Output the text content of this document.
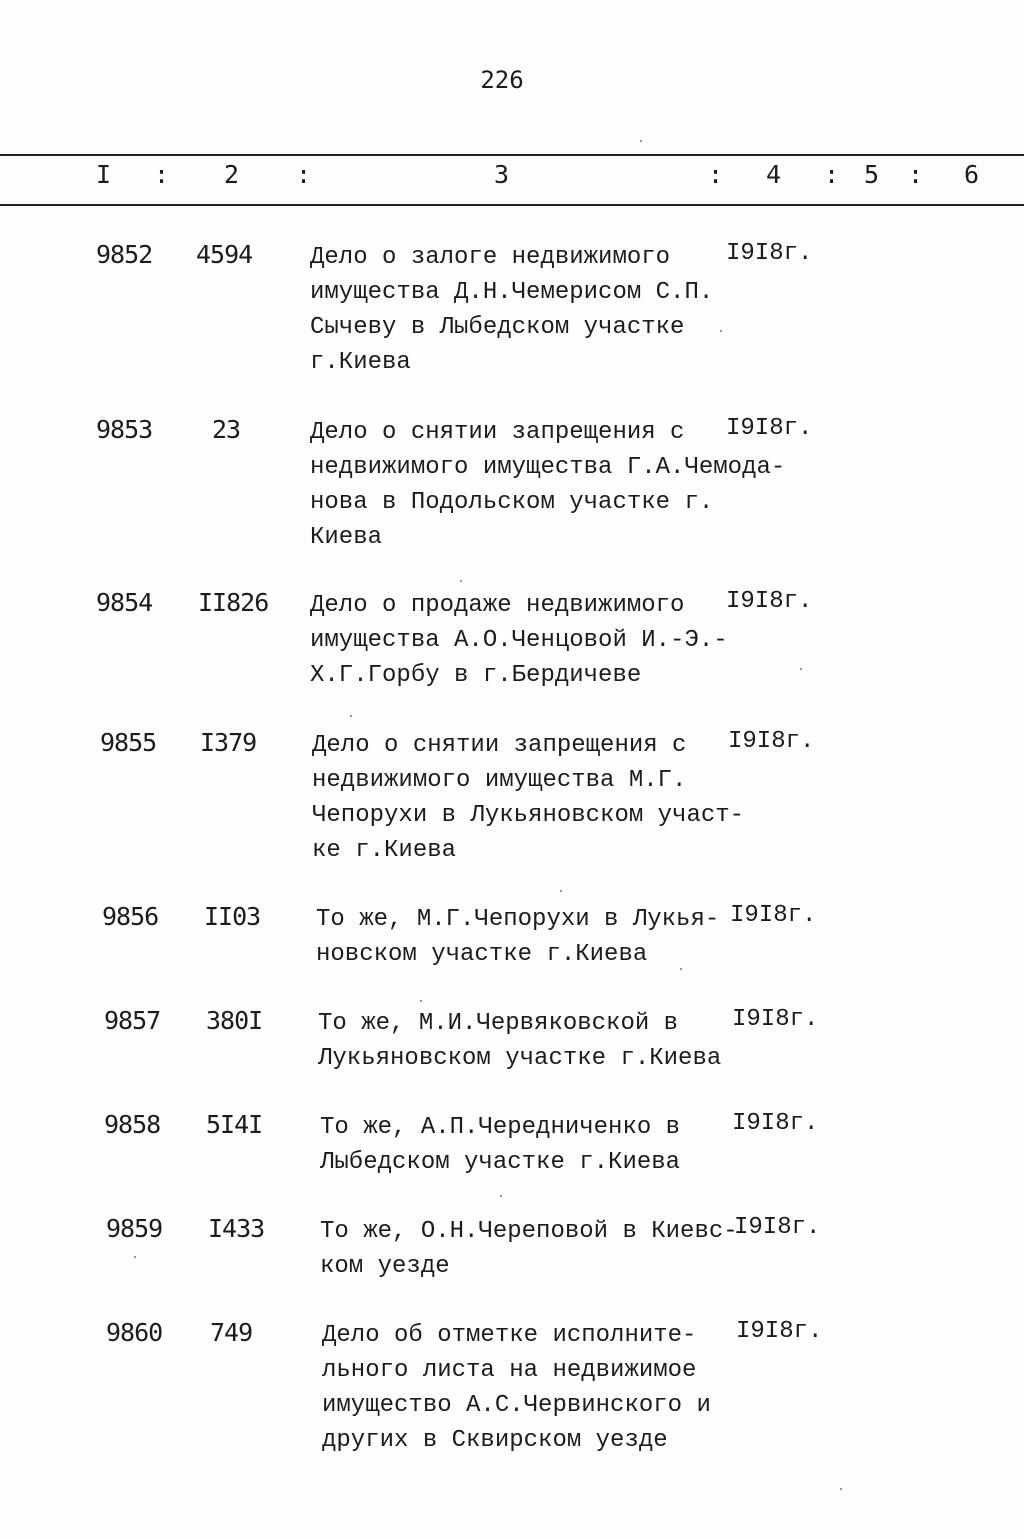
226
I : 2 :	3	: 4 : 5 : 6
9852 4594 Дело о залоге недвижимого
имущества Д.Н.Чемерисом С.П.
Сычеву в Лыбедском участке
г.Киева
I9I8г.
9853 23	Дело о снятии запрещения с
недвижимого имущества Г.А.Чемода-
нова в Подольском участке г.
Киева
I9I8г.
9854 II826 Дело о продаже недвижимого
имущества А.О.Ченцовой И.-Э.-
Х.Г.Горбу в г.Бердичеве
I9I8г.
9855 I379 Дело о снятии запрещения с
недвижимого имущества М.Г.
Чепорухи в Лукьяновском участ-
ке г.Киева
I9I8г.
9856 II03 То же, М.Г.Чепорухи в Лукья-
новском участке г.Киева
I9I8г.
9857 380I То же, М.И.Червяковской в
Лукьяновском участке г.Киева
I9I8г.
9858 5I4I То же, А.П.Чередниченко в
Лыбедском участке г.Киева
I9I8г.
9859 I433 То же, О.Н.Череповой в Киевс-
ком уезде
I9I8г.
9860 749	Дело об отметке исполните-
льного листа на недвижимое
имущество А.С.Червинского и
других в Сквирском уезде
I9I8г.
